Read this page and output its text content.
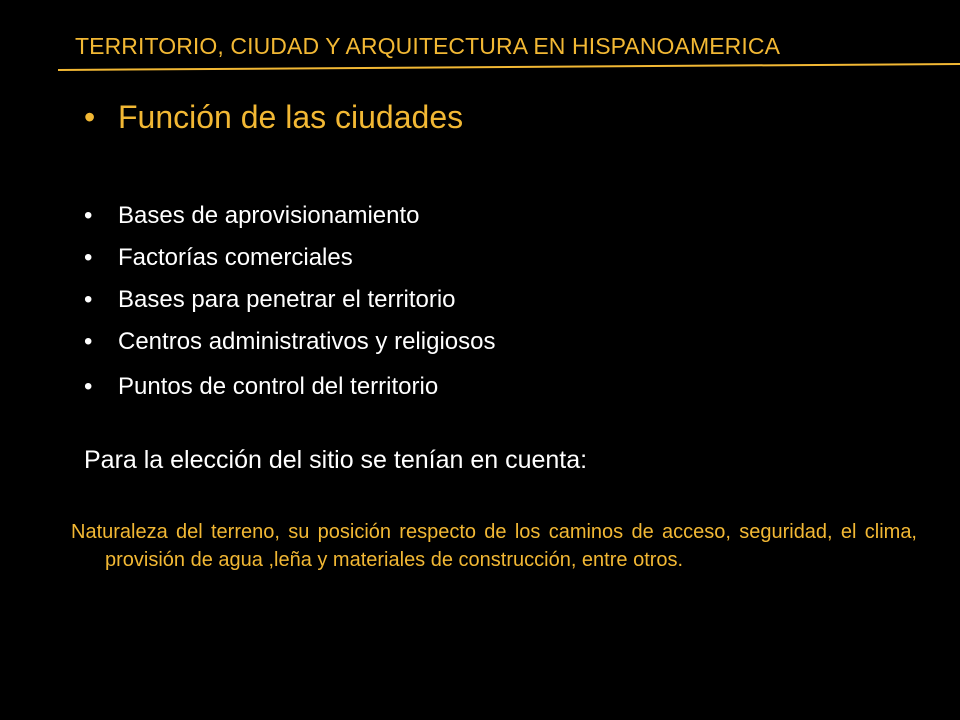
TERRITORIO, CIUDAD Y ARQUITECTURA EN HISPANOAMERICA
• Función de las ciudades
• Bases de aprovisionamiento
• Factorías comerciales
• Bases para penetrar el territorio
• Centros administrativos y religiosos
• Puntos de control del territorio
Para la elección del sitio se tenían en cuenta:
Naturaleza del terreno, su posición respecto de los caminos de acceso, seguridad, el clima, provisión de agua ,leña y materiales de construcción, entre otros.
